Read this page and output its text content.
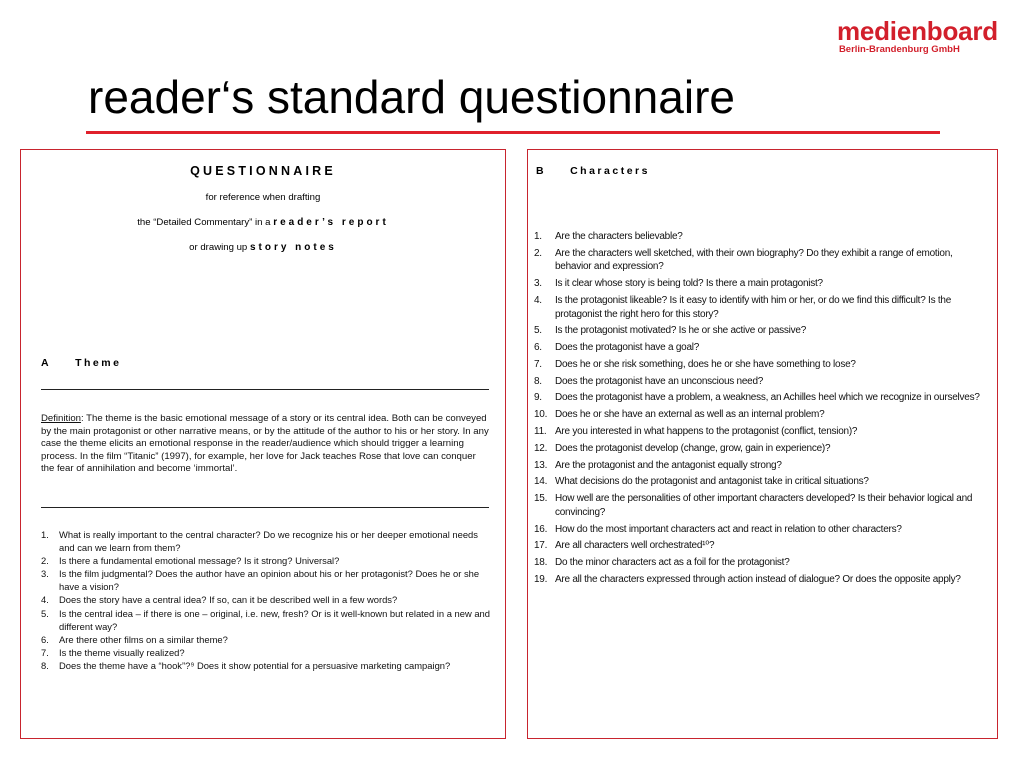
medienboard
Berlin-Brandenburg GmbH
reader‘s standard questionnaire
QUESTIONNAIRE
for reference when drafting
the “Detailed Commentary” in a reader’s report
or drawing up story notes
A Theme
Definition: The theme is the basic emotional message of a story or its central idea. Both can be conveyed by the main protagonist or other narrative means, or by the attitude of the author to his or her story. In any case the theme elicits an emotional response in the reader/audience which should trigger a learning process. In the film “Titanic” (1997), for example, her love for Jack teaches Rose that love can conquer the fear of annihilation and become ‘immortal’.
1.	What is really important to the central character? Do we recognize his or her deeper emotional needs and can we learn from them?
2.	Is there a fundamental emotional message? Is it strong? Universal?
3.	Is the film judgmental? Does the author have an opinion about his or her protagonist? Does he or she have a vision?
4.	Does the story have a central idea? If so, can it be described well in a few words?
5.	Is the central idea – if there is one – original, i.e. new, fresh? Or is it well-known but related in a new and different way?
6.	Are there other films on a similar theme?
7.	Is the theme visually realized?
8.	Does the theme have a “hook”?⁹ Does it show potential for a persuasive marketing campaign?
B Characters
1.	Are the characters believable?
2.	Are the characters well sketched, with their own biography? Do they exhibit a range of emotion, behavior and expression?
3.	Is it clear whose story is being told? Is there a main protagonist?
4.	Is the protagonist likeable? Is it easy to identify with him or her, or do we find this difficult? Is the protagonist the right hero for this story?
5.	Is the protagonist motivated? Is he or she active or passive?
6.	Does the protagonist have a goal?
7.	Does he or she risk something, does he or she have something to lose?
8.	Does the protagonist have an unconscious need?
9.	Does the protagonist have a problem, a weakness, an Achilles heel which we recognize in ourselves?
10. Does he or she have an external as well as an internal problem?
11. Are you interested in what happens to the protagonist (conflict, tension)?
12. Does the protagonist develop (change, grow, gain in experience)?
13. Are the protagonist and the antagonist equally strong?
14. What decisions do the protagonist and antagonist take in critical situations?
15. How well are the personalities of other important characters developed? Is their behavior logical and convincing?
16. How do the most important characters act and react in relation to other characters?
17. Are all characters well orchestrated¹⁰?
18. Do the minor characters act as a foil for the protagonist?
19. Are all the characters expressed through action instead of dialogue? Or does the opposite apply?
